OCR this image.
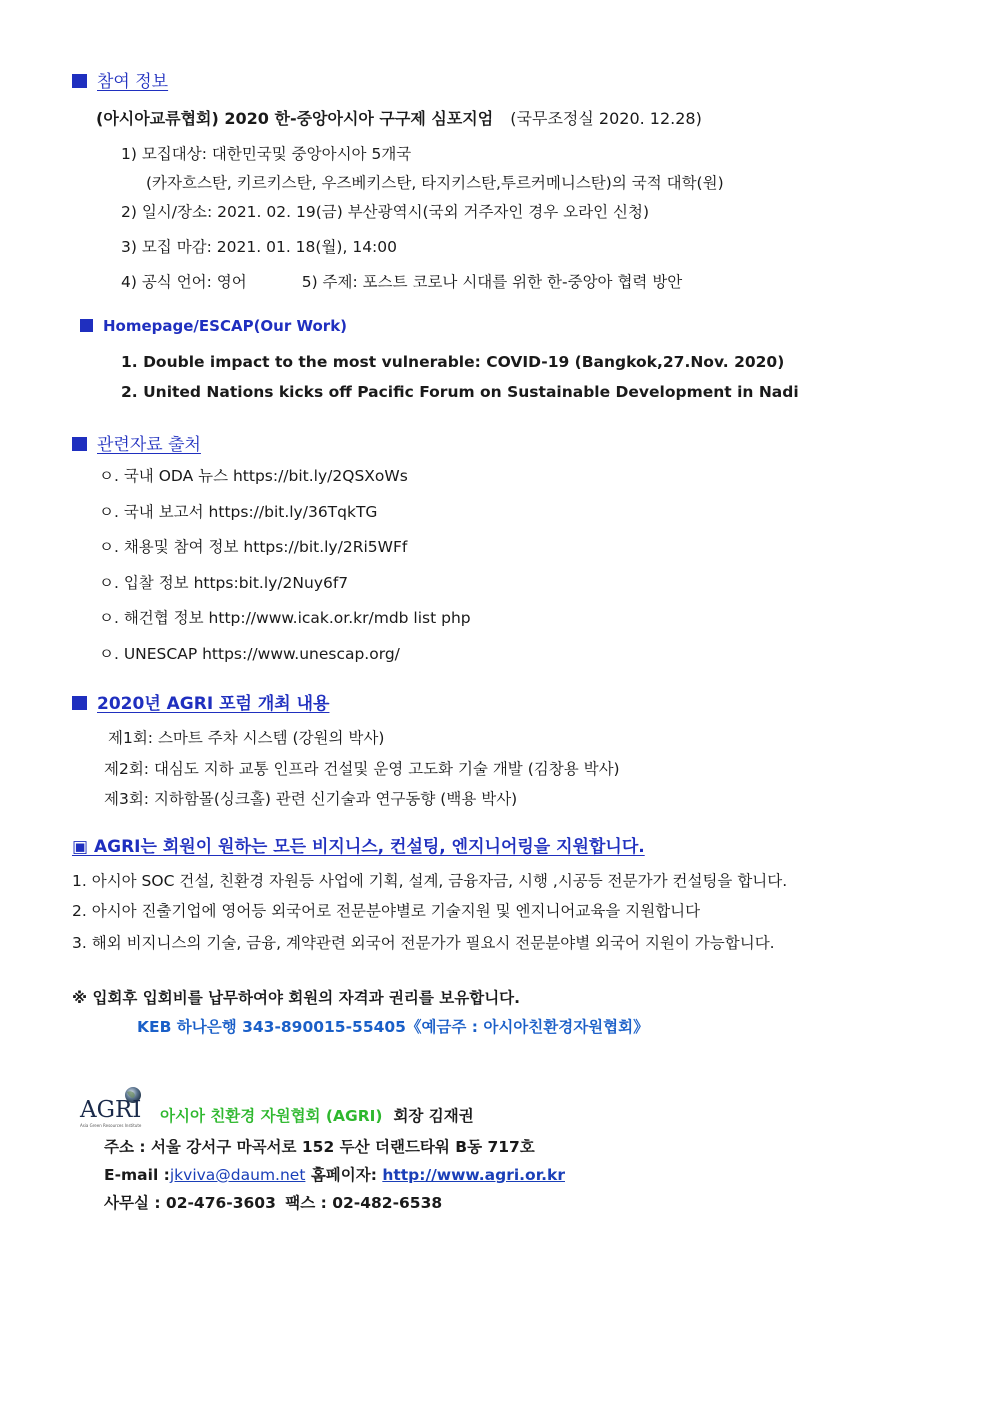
참여 정보
(아시아교류협회) 2020 한-중앙아시아 구구제 심포지엄 (국무조정실 2020. 12.28)
1) 모집대상: 대한민국및 중앙아시아 5개국
(카자흐스탄, 키르키스탄, 우즈베키스탄, 타지키스탄,투르커메니스탄)의 국적 대학(원)
2) 일시/장소: 2021. 02. 19(금) 부산광역시(국외 거주자인 경우 오라인 신청)
3) 모집 마감: 2021. 01. 18(월), 14:00
4) 공식 언어: 영어	5) 주제: 포스트 코로나 시대를 위한 한-중앙아 협력 방안
Homepage/ESCAP(Our Work)
1. Double impact to the most vulnerable: COVID-19 (Bangkok,27.Nov. 2020)
2. United Nations kicks off Pacific Forum on Sustainable Development in Nadi
관련자료 출처
ㅇ. 국내 ODA 뉴스 https://bit.ly/2QSXoWs
ㅇ. 국내 보고서 https://bit.ly/36TqkTG
ㅇ. 채용및 참여 정보 https://bit.ly/2Ri5WFf
ㅇ. 입찰 정보 https:bit.ly/2Nuy6f7
ㅇ. 해건협 정보 http://www.icak.or.kr/mdb list php
ㅇ. UNESCAP https://www.unescap.org/
2020년 AGRI 포럼 개최 내용
제1회: 스마트 주차 시스템 (강원의 박사)
제2회: 대심도 지하 교통 인프라 건설및 운영 고도화 기술 개발 (김창용 박사)
제3회: 지하함몰(싱크홀) 관련 신기술과 연구동향 (백용 박사)
▣ AGRI는 회원이 원하는 모든 비지니스, 컨설팅, 엔지니어링을 지원합니다.
1. 아시아 SOC 건설, 친환경 자원등 사업에 기획, 설계, 금융자금, 시행 ,시공등 전문가가 컨설팅을 합니다.
2. 아시아 진출기업에 영어등 외국어로 전문분야별로 기술지원 및 엔지니어교육을 지원합니다
3. 해외 비지니스의 기술, 금융, 계약관련 외국어 전문가가 필요시 전문분야별 외국어 지원이 가능합니다.
※ 입회후 입회비를 납무하여야 회원의 자격과 권리를 보유합니다.
KEB 하나은행 343-890015-55405《예금주 : 아시아친환경자원협회》
AGRI
Asia Green Resources Institute
아시아 친환경 자원협회 (AGRI) 회장 김재권
주소 : 서울 강서구 마곡서로 152 두산 더랜드타워 B동 717호
E-mail :jkviva@daum.net 홈페이자: http://www.agri.or.kr
사무실 : 02-476-3603 팩스 : 02-482-6538
